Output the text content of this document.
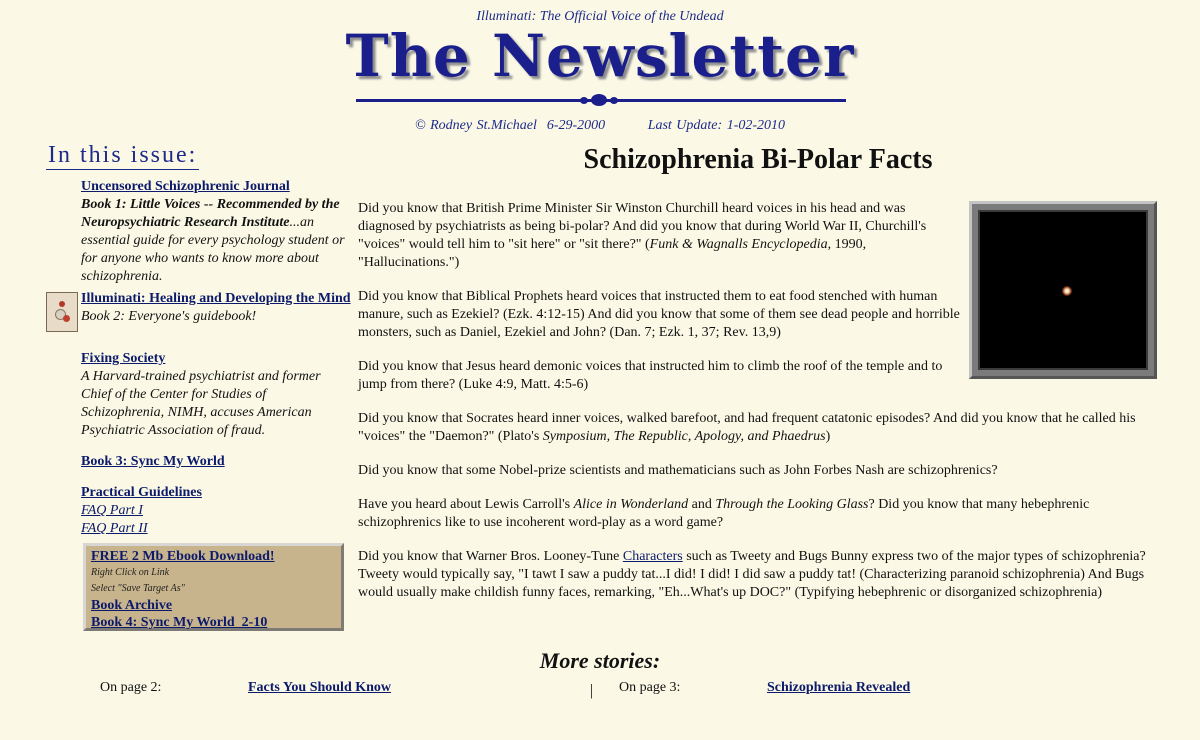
Illuminati: The Official Voice of the Undead
The Newsletter
© Rodney St.Michael 6-29-2000	Last Update: 1-02-2010
In this issue:
Uncensored Schizophrenic Journal
Book 1: Little Voices -- Recommended by the Neuropsychiatric Research Institute...an essential guide for every psychology student or for anyone who wants to know more about schizophrenia.
Illuminati: Healing and Developing the Mind
Book 2: Everyone's guidebook!
Fixing Society
A Harvard-trained psychiatrist and former Chief of the Center for Studies of Schizophrenia, NIMH, accuses American Psychiatric Association of fraud.
Book 3: Sync My World
Practical Guidelines
FAQ Part I
FAQ Part II
FREE 2 Mb Ebook Download!
Right Click on Link
Select "Save Target As"
Book Archive
Book 4: Sync My World  2-10
Schizophrenia Bi-Polar Facts

Did you know that British Prime Minister Sir Winston Churchill heard voices in his head and was diagnosed by psychiatrists as being bi-polar? And did you know that during World War II, Churchill's "voices" would tell him to "sit here" or "sit there?" (Funk & Wagnalls Encyclopedia, 1990, "Hallucinations.")

Did you know that Biblical Prophets heard voices that instructed them to eat food stenched with human manure, such as Ezekiel? (Ezk. 4:12-15) And did you know that some of them see dead people and horrible monsters, such as Daniel, Ezekiel and John? (Dan. 7; Ezk. 1, 37; Rev. 13,9)

Did you know that Jesus heard demonic voices that instructed him to climb the roof of the temple and to jump from there? (Luke 4:9, Matt. 4:5-6)

Did you know that Socrates heard inner voices, walked barefoot, and had frequent catatonic episodes? And did you know that he called his "voices" the "Daemon?" (Plato's Symposium, The Republic, Apology, and Phaedrus)

Did you know that some Nobel-prize scientists and mathematicians such as John Forbes Nash are schizophrenics?

Have you heard about Lewis Carroll's Alice in Wonderland and Through the Looking Glass? Did you know that many hebephrenic schizophrenics like to use incoherent word-play as a word game?

Did you know that Warner Bros. Looney-Tune Characters such as Tweety and Bugs Bunny express two of the major types of schizophrenia? Tweety would typically say, "I tawt I saw a puddy tat...I did! I did! I did saw a puddy tat! (Characterizing paranoid schizophrenia) And Bugs would usually make childish funny faces, remarking, "Eh...What's up DOC?" (Typifying hebephrenic or disorganized schizophrenia)

More stories:
On page 2:	Facts You Should Know	| On page 3:	Schizophrenia Revealed
